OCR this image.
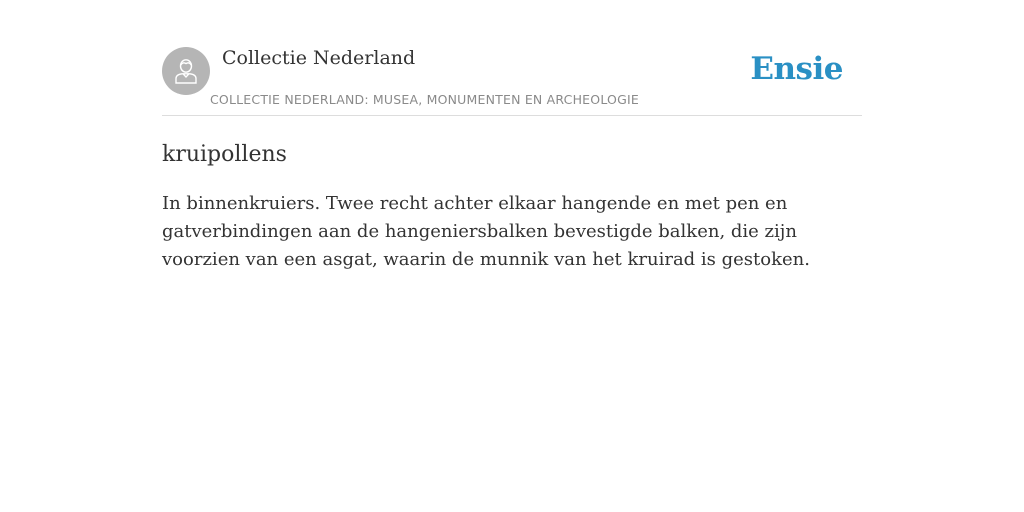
Collectie Nederland
COLLECTIE NEDERLAND: MUSEA, MONUMENTEN EN ARCHEOLOGIE
Ensie
kruipollens

In binnenkruiers. Twee recht achter elkaar hangende en met pen en gatverbindingen aan de hangeniersbalken bevestigde balken, die zijn voorzien van een asgat, waarin de munnik van het kruirad is gestoken.
